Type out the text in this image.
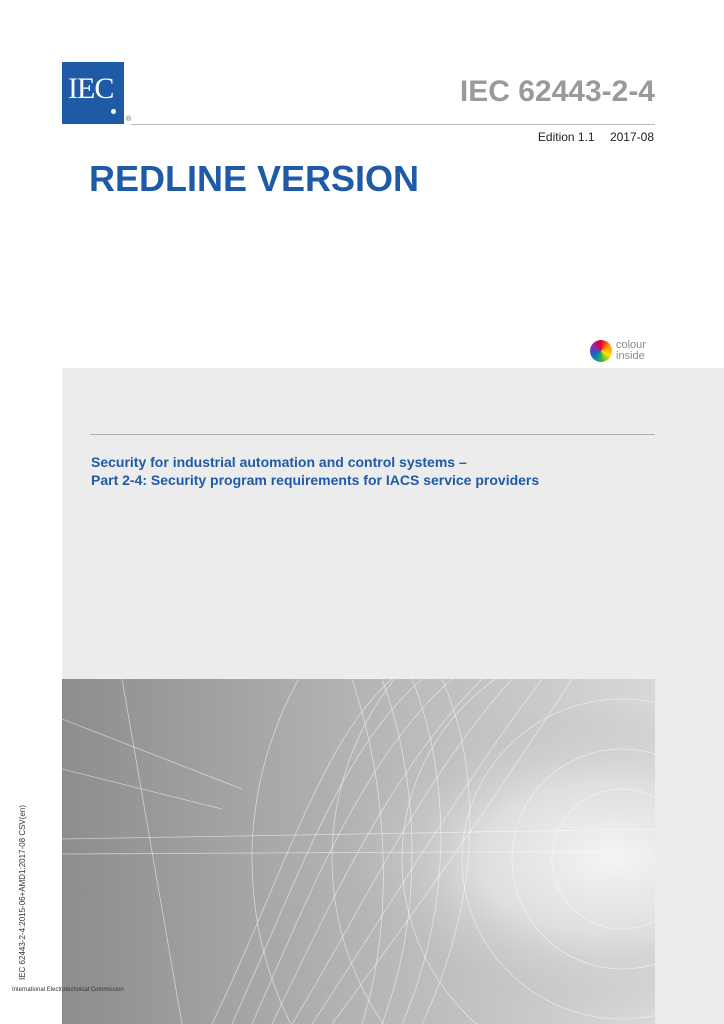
IEC
®
IEC 62443-2-4
Edition 1.1 2017-08
REDLINE VERSION
colour
inside
Security for industrial automation and control systems –
Part 2-4: Security program requirements for IACS service providers
IEC 62443-2-4:2015-06+AMD1:2017-08 CSV(en)
International Electrotechnical Commission
